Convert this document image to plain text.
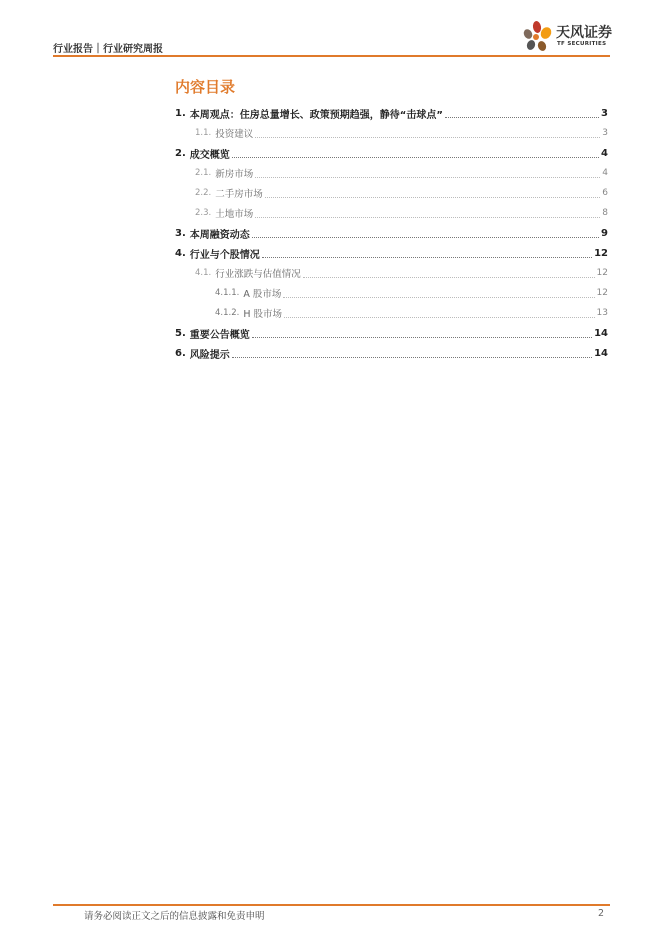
行业报告｜行业研究周报
天风证券
TF SECURITIES
内容目录
1. 本周观点：住房总量增长、政策预期趋强，静待“击球点”	3
1.1. 投资建议	3
2. 成交概览	4
2.1. 新房市场	4
2.2. 二手房市场	6
2.3. 土地市场	8
3. 本周融资动态	9
4. 行业与个股情况	12
4.1. 行业涨跌与估值情况	12
4.1.1. A 股市场	12
4.1.2. H 股市场	13
5. 重要公告概览	14
6. 风险提示	14
请务必阅读正文之后的信息披露和免责申明	2
